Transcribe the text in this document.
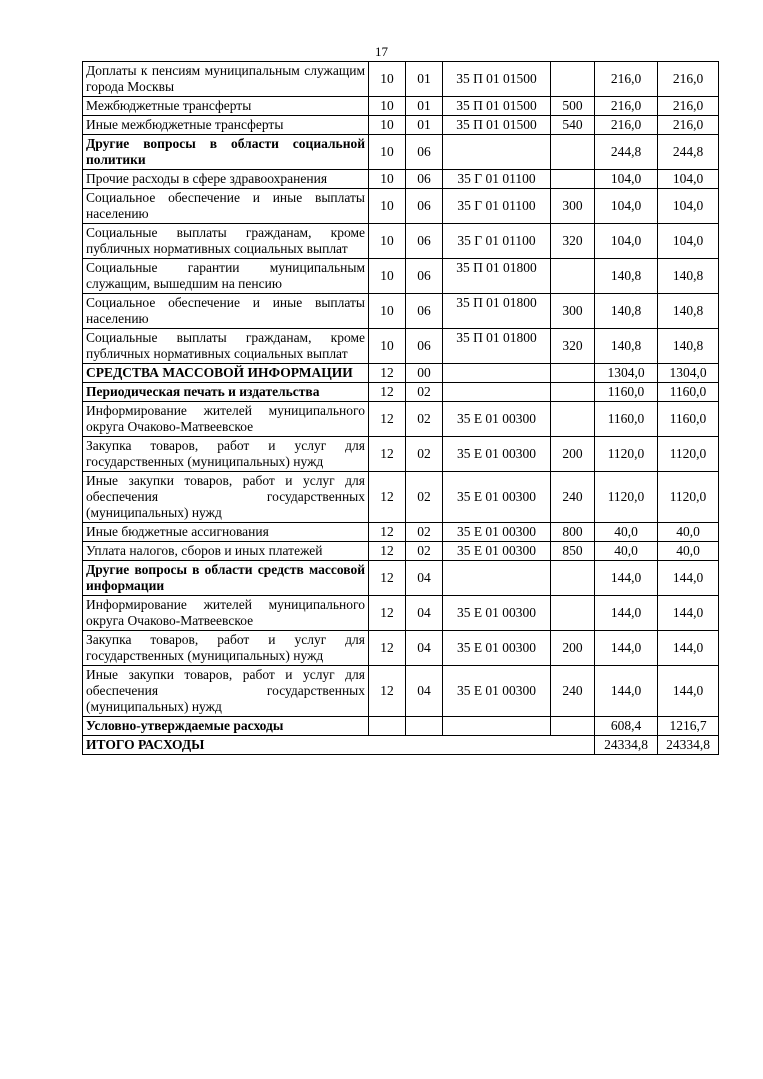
17
Доплаты к пенсиям муниципальным служащим города Москвы	10	01	35 П 01 01500		216,0	216,0
Межбюджетные трансферты	10	01	35 П 01 01500	500	216,0	216,0
Иные межбюджетные трансферты	10	01	35 П 01 01500	540	216,0	216,0
Другие вопросы в области социальной политики	10	06			244,8	244,8
Прочие расходы в сфере здравоохранения	10	06	35 Г 01 01100		104,0	104,0
Социальное обеспечение и иные выплаты населению	10	06	35 Г 01 01100	300	104,0	104,0
Социальные выплаты гражданам, кроме публичных нормативных социальных выплат	10	06	35 Г 01 01100	320	104,0	104,0
Социальные гарантии муниципальным служащим, вышедшим на пенсию	10	06	35 П 01 01800		140,8	140,8
Социальное обеспечение и иные выплаты населению	10	06	35 П 01 01800	300	140,8	140,8
Социальные выплаты гражданам, кроме публичных нормативных социальных выплат	10	06	35 П 01 01800	320	140,8	140,8
СРЕДСТВА МАССОВОЙ ИНФОРМАЦИИ	12	00			1304,0	1304,0
Периодическая печать и издательства	12	02			1160,0	1160,0
Информирование жителей муниципального округа Очаково-Матвеевское	12	02	35 Е 01 00300		1160,0	1160,0
Закупка товаров, работ и услуг для государственных (муниципальных) нужд	12	02	35 Е 01 00300	200	1120,0	1120,0
Иные закупки товаров, работ и услуг для обеспечения государственных (муниципальных) нужд	12	02	35 Е 01 00300	240	1120,0	1120,0
Иные бюджетные ассигнования	12	02	35 Е 01 00300	800	40,0	40,0
Уплата налогов, сборов и иных платежей	12	02	35 Е 01 00300	850	40,0	40,0
Другие вопросы в области средств массовой информации	12	04			144,0	144,0
Информирование жителей муниципального округа Очаково-Матвеевское	12	04	35 Е 01 00300		144,0	144,0
Закупка товаров, работ и услуг для государственных (муниципальных) нужд	12	04	35 Е 01 00300	200	144,0	144,0
Иные закупки товаров, работ и услуг для обеспечения государственных (муниципальных) нужд	12	04	35 Е 01 00300	240	144,0	144,0
Условно-утверждаемые расходы					608,4	1216,7
ИТОГО РАСХОДЫ					24334,8	24334,8
